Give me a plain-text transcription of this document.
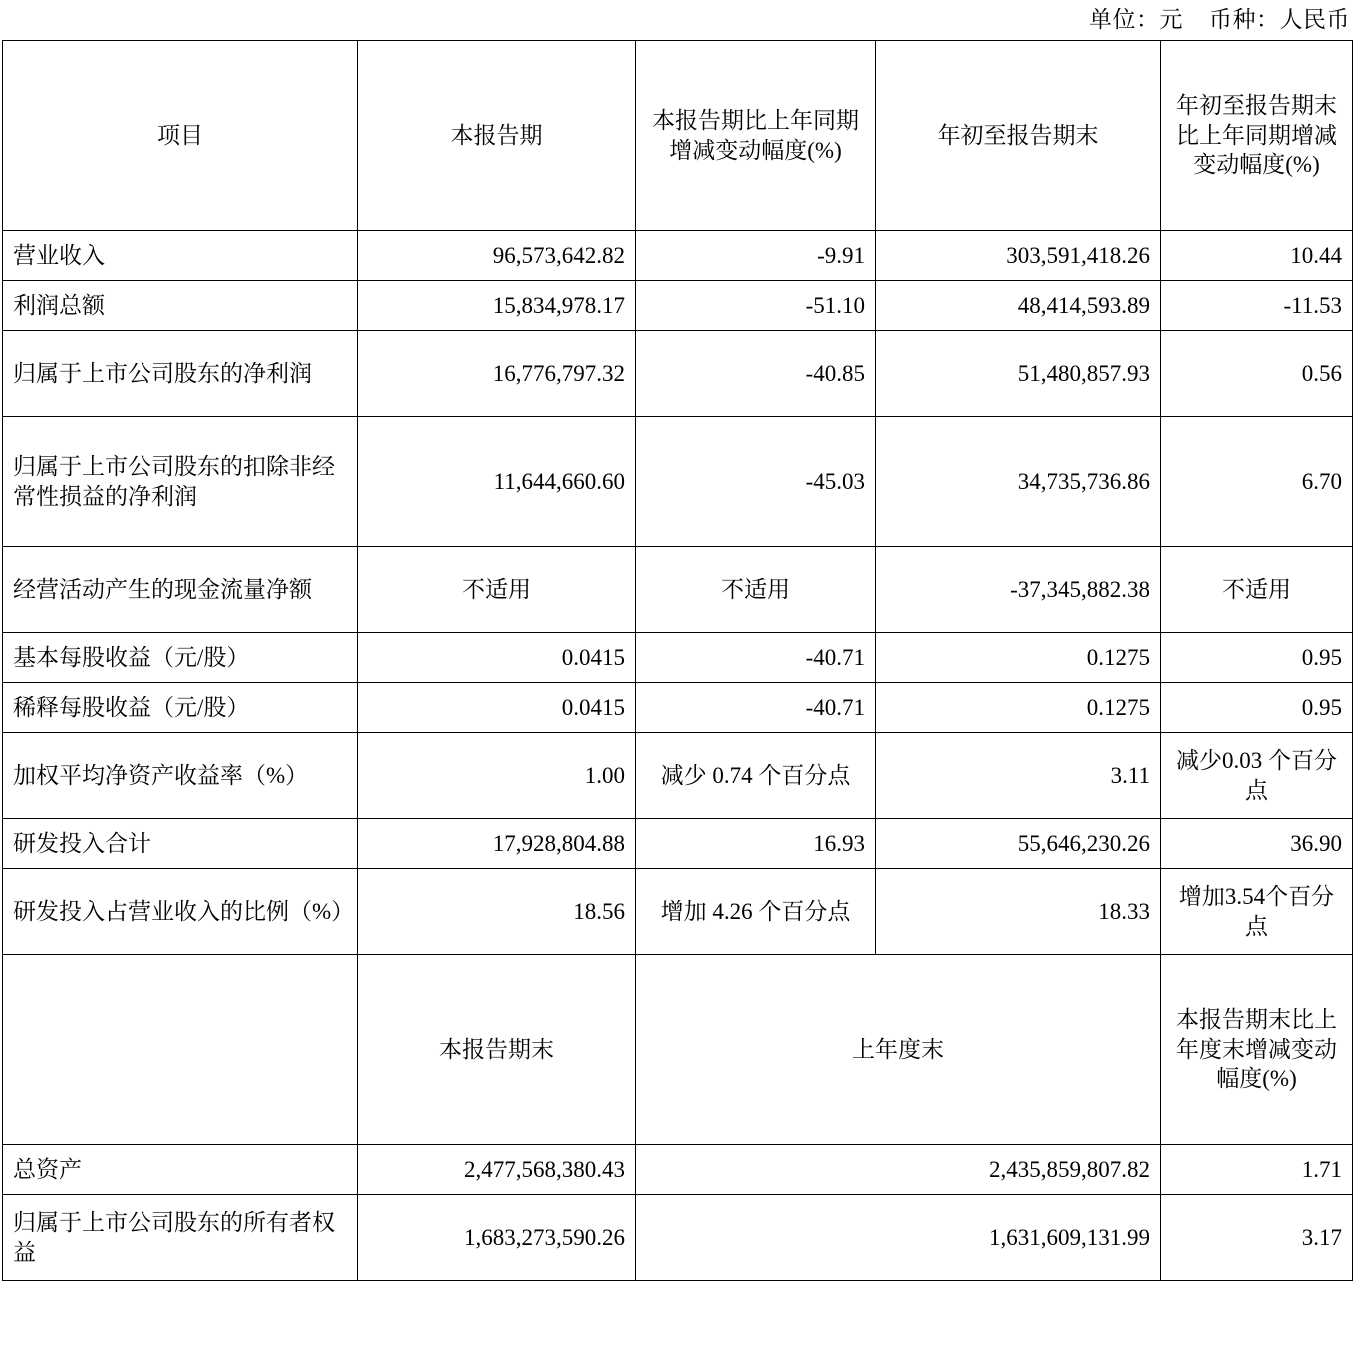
单位：元 币种：人民币
项目	本报告期	本报告期比上年同期增减变动幅度(%)	年初至报告期末	年初至报告期末比上年同期增减变动幅度(%)
营业收入	96,573,642.82	-9.91	303,591,418.26	10.44
利润总额	15,834,978.17	-51.10	48,414,593.89	-11.53
归属于上市公司股东的净利润	16,776,797.32	-40.85	51,480,857.93	0.56
归属于上市公司股东的扣除非经常性损益的净利润	11,644,660.60	-45.03	34,735,736.86	6.70
经营活动产生的现金流量净额	不适用	不适用	-37,345,882.38	不适用
基本每股收益（元/股）	0.0415	-40.71	0.1275	0.95
稀释每股收益（元/股）	0.0415	-40.71	0.1275	0.95
加权平均净资产收益率（%）	1.00	减少 0.74 个百分点	3.11	减少0.03 个百分点
研发投入合计	17,928,804.88	16.93	55,646,230.26	36.90
研发投入占营业收入的比例（%）	18.56	增加 4.26 个百分点	18.33	增加3.54个百分点
	本报告期末	上年度末		本报告期末比上年度末增减变动幅度(%)
总资产	2,477,568,380.43	2,435,859,807.82		1.71
归属于上市公司股东的所有者权益	1,683,273,590.26	1,631,609,131.99		3.17
